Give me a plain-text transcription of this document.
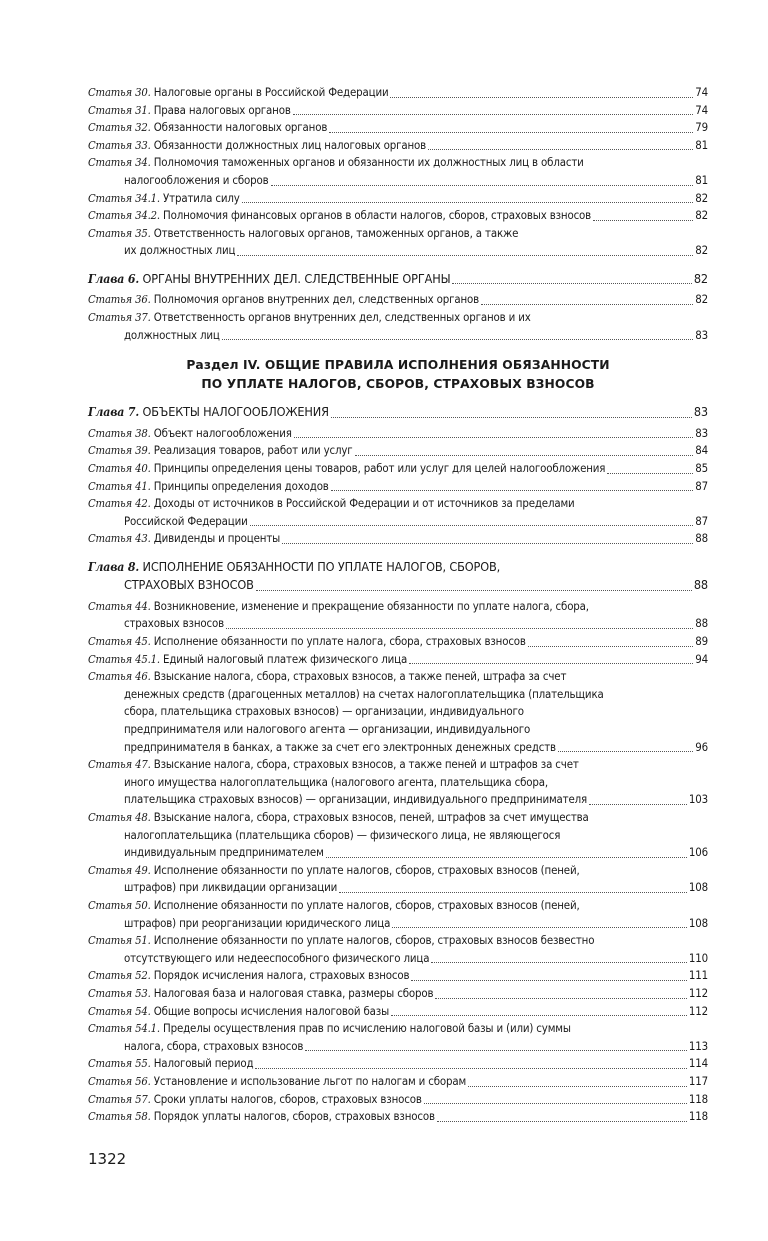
Статья 30. Налоговые органы в Российской Федерации	74
Статья 31. Права налоговых органов	74
Статья 32. Обязанности налоговых органов	79
Статья 33. Обязанности должностных лиц налоговых органов	81
Статья 34. Полномочия таможенных органов и обязанности их должностных лиц в области
налогообложения и сборов	81
Статья 34.1. Утратила силу	82
Статья 34.2. Полномочия финансовых органов в области налогов, сборов, страховых взносов	82
Статья 35. Ответственность налоговых органов, таможенных органов, а также
их должностных лиц	82
Глава 6. ОРГАНЫ ВНУТРЕННИХ ДЕЛ. СЛЕДСТВЕННЫЕ ОРГАНЫ	82
Статья 36. Полномочия органов внутренних дел, следственных органов	82
Статья 37. Ответственность органов внутренних дел, следственных органов и их
должностных лиц	83
Раздел IV. ОБЩИЕ ПРАВИЛА ИСПОЛНЕНИЯ ОБЯЗАННОСТИ
ПО УПЛАТЕ НАЛОГОВ, СБОРОВ, СТРАХОВЫХ ВЗНОСОВ
Глава 7. ОБЪЕКТЫ НАЛОГООБЛОЖЕНИЯ	83
Статья 38. Объект налогообложения	83
Статья 39. Реализация товаров, работ или услуг	84
Статья 40. Принципы определения цены товаров, работ или услуг для целей налогообложения	85
Статья 41. Принципы определения доходов	87
Статья 42. Доходы от источников в Российской Федерации и от источников за пределами
Российской Федерации	87
Статья 43. Дивиденды и проценты	88
Глава 8. ИСПОЛНЕНИЕ ОБЯЗАННОСТИ ПО УПЛАТЕ НАЛОГОВ, СБОРОВ,
СТРАХОВЫХ ВЗНОСОВ	88
Статья 44. Возникновение, изменение и прекращение обязанности по уплате налога, сбора,
страховых взносов	88
Статья 45. Исполнение обязанности по уплате налога, сбора, страховых взносов	89
Статья 45.1. Единый налоговый платеж физического лица	94
Статья 46. Взыскание налога, сбора, страховых взносов, а также пеней, штрафа за счет
денежных средств (драгоценных металлов) на счетах налогоплательщика (плательщика
сбора, плательщика страховых взносов) — организации, индивидуального
предпринимателя или налогового агента — организации, индивидуального
предпринимателя в банках, а также за счет его электронных денежных средств	96
Статья 47. Взыскание налога, сбора, страховых взносов, а также пеней и штрафов за счет
иного имущества налогоплательщика (налогового агента, плательщика сбора,
плательщика страховых взносов) — организации, индивидуального предпринимателя	103
Статья 48. Взыскание налога, сбора, страховых взносов, пеней, штрафов за счет имущества
налогоплательщика (плательщика сборов) — физического лица, не являющегося
индивидуальным предпринимателем	106
Статья 49. Исполнение обязанности по уплате налогов, сборов, страховых взносов (пеней,
штрафов) при ликвидации организации	108
Статья 50. Исполнение обязанности по уплате налогов, сборов, страховых взносов (пеней,
штрафов) при реорганизации юридического лица	108
Статья 51. Исполнение обязанности по уплате налогов, сборов, страховых взносов безвестно
отсутствующего или недееспособного физического лица	110
Статья 52. Порядок исчисления налога, страховых взносов	111
Статья 53. Налоговая база и налоговая ставка, размеры сборов	112
Статья 54. Общие вопросы исчисления налоговой базы	112
Статья 54.1. Пределы осуществления прав по исчислению налоговой базы и (или) суммы
налога, сбора, страховых взносов	113
Статья 55. Налоговый период	114
Статья 56. Установление и использование льгот по налогам и сборам	117
Статья 57. Сроки уплаты налогов, сборов, страховых взносов	118
Статья 58. Порядок уплаты налогов, сборов, страховых взносов	118
1322
